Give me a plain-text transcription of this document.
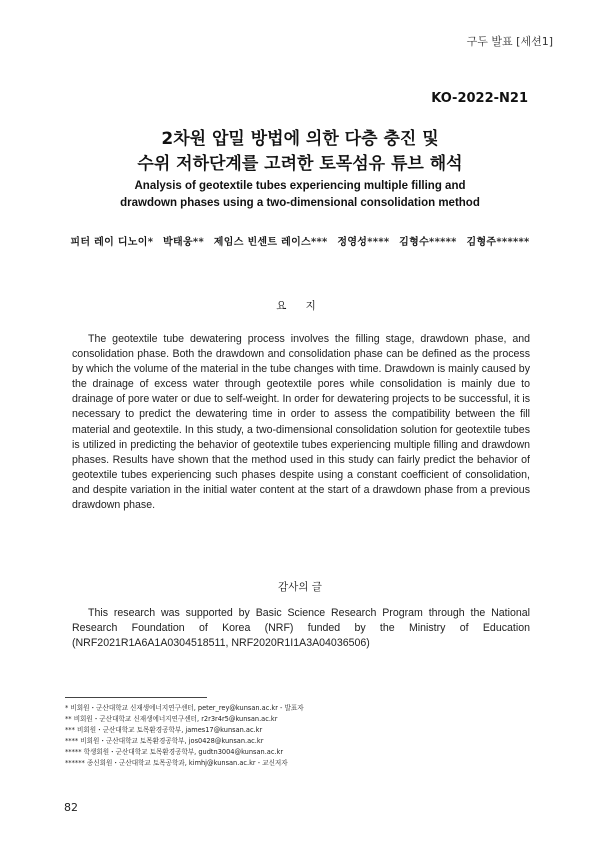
구두 발표 [세션1]
KO-2022-N21
2차원 압밀 방법에 의한 다층 충진 및
수위 저하단계를 고려한 토목섬유 튜브 해석
Analysis of geotextile tubes experiencing multiple filling and
drawdown phases using a two-dimensional consolidation method
피터 레이 디노이* 박태웅** 제임스 빈센트 레이스*** 정영성**** 김형수***** 김형주******
요 지
The geotextile tube dewatering process involves the filling stage, drawdown phase, and consolidation phase. Both the drawdown and consolidation phase can be defined as the process by which the volume of the material in the tube changes with time. Drawdown is mainly caused by the drainage of excess water through geotextile pores while consolidation is mainly due to drainage of pore water or due to self-weight. In order for dewatering projects to be successful, it is necessary to predict the dewatering time in order to assess the compatibility between the fill material and geotextile. In this study, a two-dimensional consolidation solution for geotextile tubes is utilized in predicting the behavior of geotextile tubes experiencing multiple filling and drawdown phases. Results have shown that the method used in this study can fairly predict the behavior of geotextile tubes experiencing such phases despite using a constant coefficient of consolidation, and despite variation in the initial water content at the start of a drawdown phase from a previous drawdown phase.
감사의 글
This research was supported by Basic Science Research Program through the National Research Foundation of Korea (NRF) funded by the Ministry of Education (NRF2021R1A6A1A0304518511, NRF2020R1I1A3A04036506)
* 비회원・군산대학교 신재생에너지연구센터, peter_rey@kunsan.ac.kr - 발표자
** 비회원・군산대학교 신재생에너지연구센터, r2r3r4r5@kunsan.ac.kr
*** 비회원・군산대학교 토목환경공학부, james17@kunsan.ac.kr
**** 비회원・군산대학교 토목환경공학부, jos0428@kunsan.ac.kr
***** 학생회원・군산대학교 토목환경공학부, gudtn3004@kunsan.ac.kr
****** 종신회원・군산대학교 토목공학과, kimhj@kunsan.ac.kr - 교신저자
82
